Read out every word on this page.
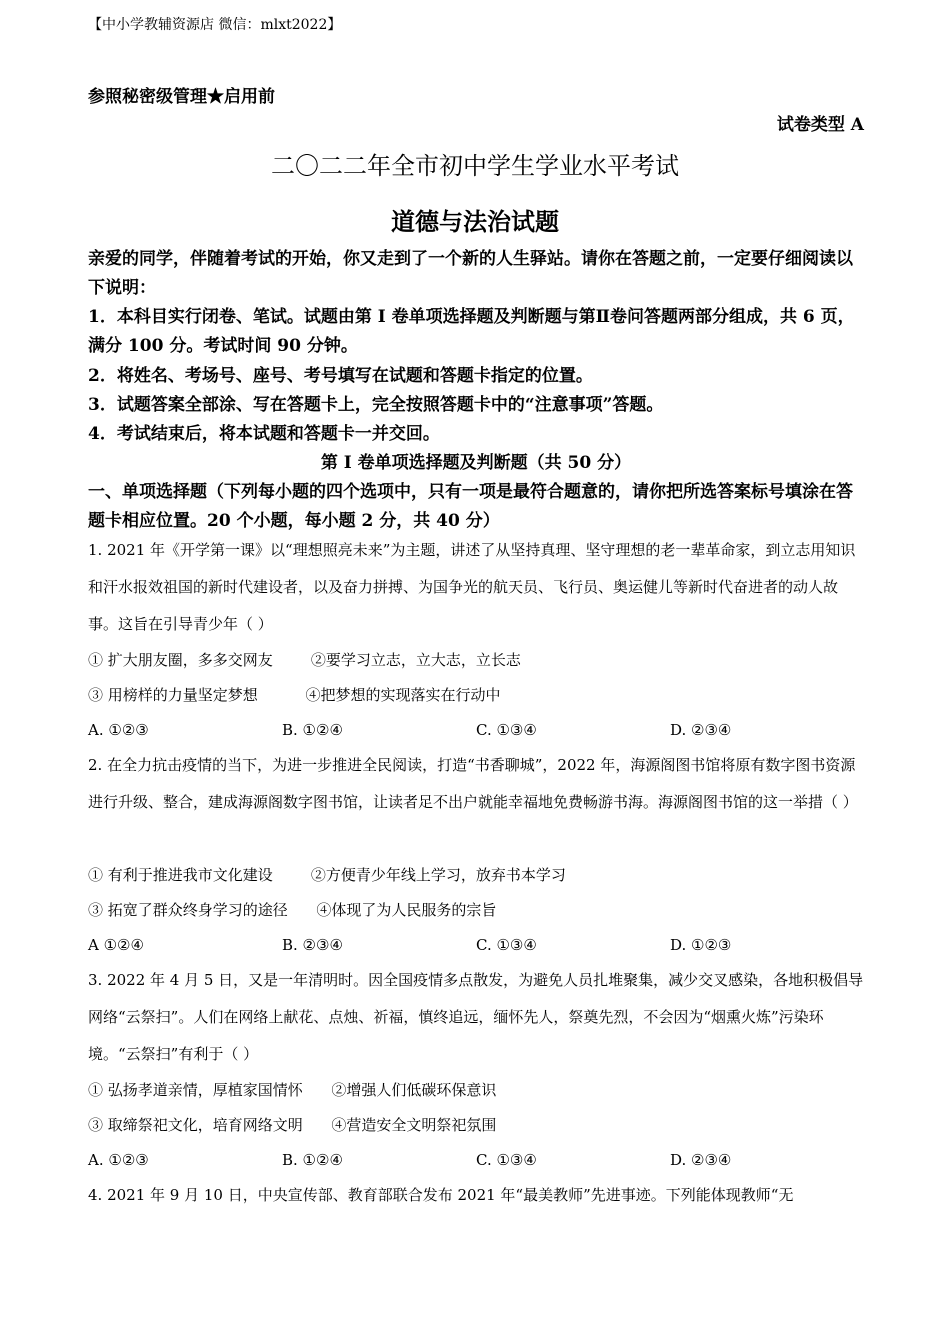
【中小学教辅资源店 微信：mlxt2022】
参照秘密级管理★启用前
试卷类型 A
二〇二二年全市初中学生学业水平考试
道德与法治试题
亲爱的同学，伴随着考试的开始，你又走到了一个新的人生驿站。请你在答题之前，一定要仔细阅读以下说明：
1．本科目实行闭卷、笔试。试题由第 I 卷单项选择题及判断题与第Ⅱ卷问答题两部分组成，共 6 页，满分 100 分。考试时间 90 分钟。
2．将姓名、考场号、座号、考号填写在试题和答题卡指定的位置。
3．试题答案全部涂、写在答题卡上，完全按照答题卡中的“注意事项”答题。
4．考试结束后，将本试题和答题卡一并交回。
第 I 卷单项选择题及判断题（共 50 分）
一、单项选择题（下列每小题的四个选项中，只有一项是最符合题意的，请你把所选答案标号填涂在答题卡相应位置。20 个小题，每小题 2 分，共 40 分）
1. 2021 年《开学第一课》以“理想照亮未来”为主题，讲述了从坚持真理、坚守理想的老一辈革命家，到立志用知识和汗水报效祖国的新时代建设者，以及奋力拼搏、为国争光的航天员、飞行员、奥运健儿等新时代奋进者的动人故事。这旨在引导青少年（ ）
① 扩大朋友圈，多多交网友        ②要学习立志，立大志，立长志
③ 用榜样的力量坚定梦想          ④把梦想的实现落实在行动中
A. ①②③	B. ①②④	C. ①③④	D. ②③④
2. 在全力抗击疫情的当下，为进一步推进全民阅读，打造“书香聊城”，2022 年，海源阁图书馆将原有数字图书资源进行升级、整合，建成海源阁数字图书馆，让读者足不出户就能幸福地免费畅游书海。海源阁图书馆的这一举措（ ）
① 有利于推进我市文化建设        ②方便青少年线上学习，放弃书本学习
③ 拓宽了群众终身学习的途径      ④体现了为人民服务的宗旨
A ①②④	B. ②③④	C. ①③④	D. ①②③
3. 2022 年 4 月 5 日，又是一年清明时。因全国疫情多点散发，为避免人员扎堆聚集，减少交叉感染，各地积极倡导网络“云祭扫”。人们在网络上献花、点烛、祈福，慎终追远，缅怀先人，祭奠先烈，不会因为“烟熏火炼”污染环境。“云祭扫”有利于（ ）
① 弘扬孝道亲情，厚植家国情怀      ②增强人们低碳环保意识
③ 取缔祭祀文化，培育网络文明      ④营造安全文明祭祀氛围
A. ①②③	B. ①②④	C. ①③④	D. ②③④
4. 2021 年 9 月 10 日，中央宣传部、教育部联合发布 2021 年“最美教师”先进事迹。下列能体现教师“无
